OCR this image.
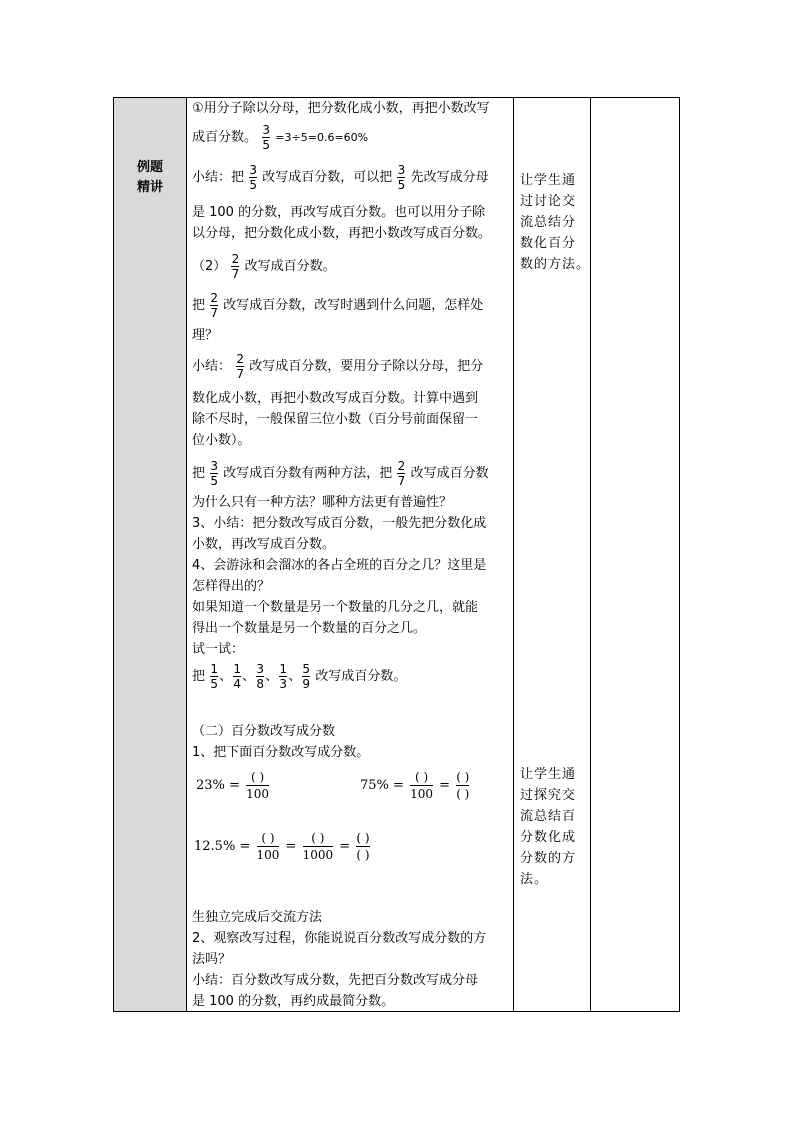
例题
精讲
①用分子除以分母，把分数化成小数，再把小数改写
成百分数。 $\frac{3}{5} =3\div 5=0.6=60\%$
小结：把 $\frac{3}{5}$ 改写成百分数，可以把 $\frac{3}{5}$ 先改写成分母
是 100 的分数，再改写成百分数。也可以用分子除
以分母，把分数化成小数，再把小数改写成百分数。
$(2) \frac{2}{7}$ 改写成百分数。
把 $\frac{2}{7}$ 改写成百分数，改写时遇到什么问题，怎样处
理？
小结： $\frac{2}{7}$ 改写成百分数，要用分子除以分母，把分
数化成小数，再把小数改写成百分数。计算中遇到
除不尽时，一般保留三位小数（百分号前面保留一
位小数）。
把 $\frac{3}{5}$ 改写成百分数有两种方法，把 $\frac{2}{7}$ 改写成百分数
为什么只有一种方法？哪种方法更有普遍性？
3、小结：把分数改写成百分数，一般先把分数化成
小数，再改写成百分数。
4、会游泳和会溜冰的各占全班的百分之几？这里是
怎样得出的？
如果知道一个数量是另一个数量的几分之几，就能
得出一个数量是另一个数量的百分之几。
试一试：
把 $\frac{1}{5}$ 、 $\frac{1}{4}$ 、 $\frac{3}{8}$ 、 $\frac{1}{3}$ 、 $\frac{5}{9}$ 改写成百分数。
（二）百分数改写成分数
1、把下面百分数改写成分数。
23% =
( )
100
75% =
( )
100
=
( )
( )
12.5% =
( )
100
=
( )
1000
=
( )
( )
生独立完成后交流方法
2、观察改写过程，你能说说百分数改写成分数的方
法吗？
小结：百分数改写成分数，先把百分数改写成分母
是 100 的分数，再约成最简分数。
让学生通
过讨论交
流总结分
数化百分
数的方法。
让学生通
过探究交
流总结百
分数化成
分数的方
法。
